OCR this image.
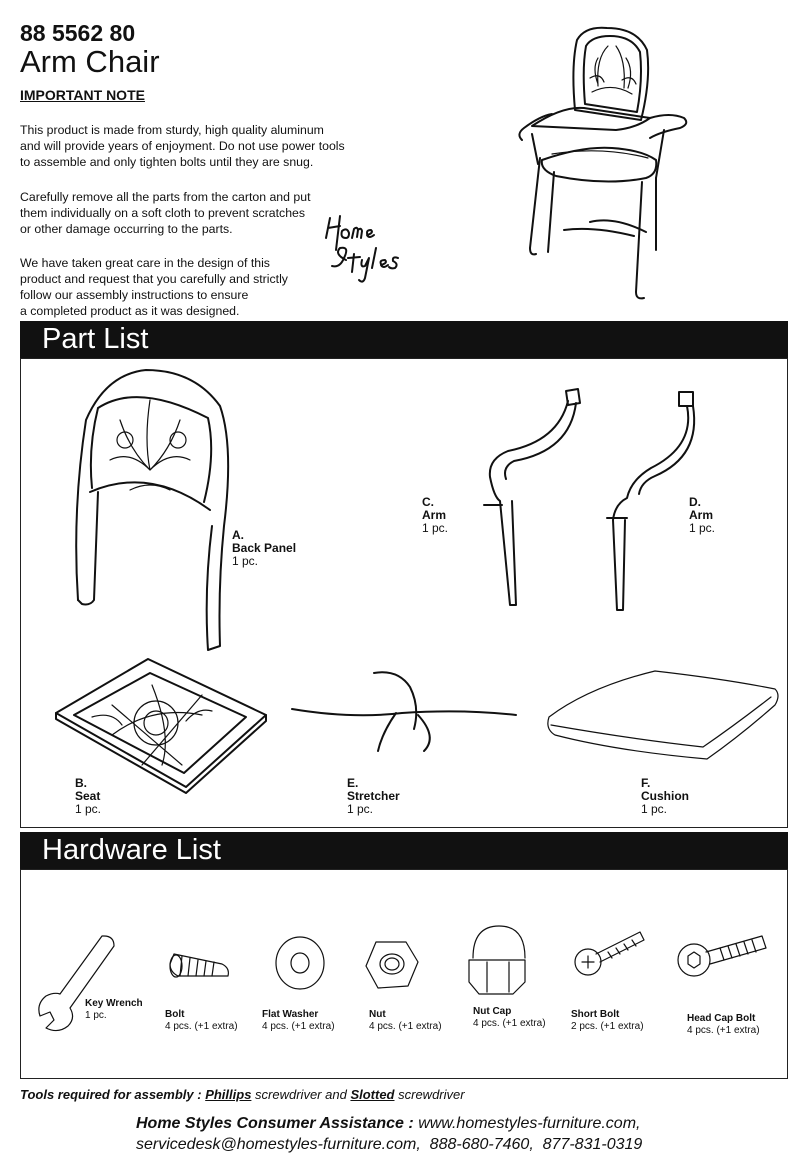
88 5562 80
Arm Chair
IMPORTANT NOTE
This product is made from sturdy, high quality aluminum
and will provide years of enjoyment. Do not use power tools
to assemble and only tighten bolts until they are snug.
Carefully remove all the parts from the carton and put
them individually on a soft cloth to prevent scratches
or other damage occurring to the parts.
We have taken great care in the design of this
product and request that you carefully and strictly
follow our assembly instructions to ensure
a completed product as it was designed.
Part List
A.
Back Panel
1 pc.
C.
Arm
1 pc.
D.
Arm
1 pc.
B.
Seat
1 pc.
E.
Stretcher
1 pc.
F.
Cushion
1 pc.
Hardware List
Key Wrench
1 pc.	Bolt
4 pcs. (+1 extra)
Flat Washer
4 pcs. (+1 extra)
Nut
4 pcs. (+1 extra)
Nut Cap
4 pcs. (+1 extra)
Short Bolt
2 pcs. (+1 extra)
Head Cap Bolt
4 pcs. (+1 extra)
Tools required for assembly : Phillips screwdriver and Slotted screwdriver
Home Styles Consumer Assistance : www.homestyles-furniture.com,
servicedesk@homestyles-furniture.com, 888-680-7460, 877-831-0319
